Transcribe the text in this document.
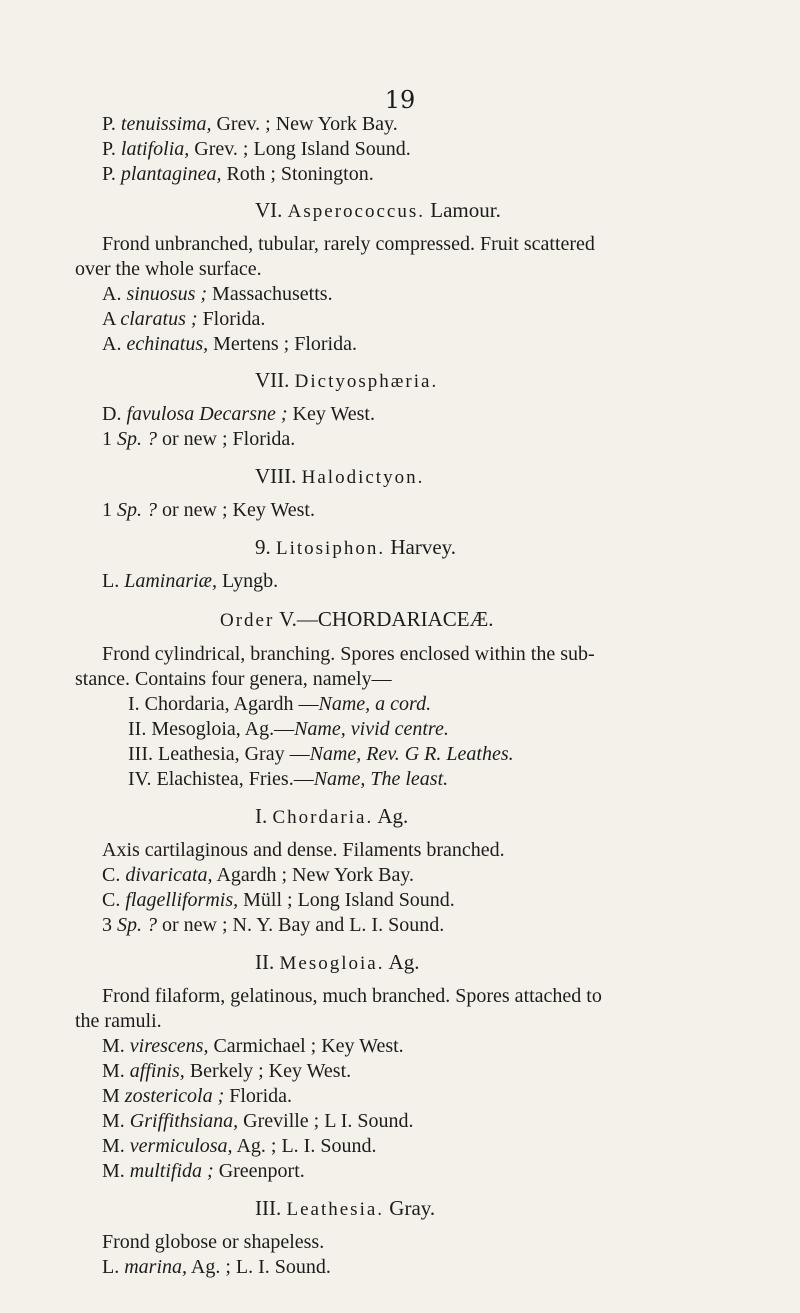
19
P. tenuissima, Grev. ; New York Bay.
P. latifolia, Grev. ; Long Island Sound.
P. plantaginea, Roth ; Stonington.
VI. Asperococcus. Lamour.
Frond unbranched, tubular, rarely compressed. Fruit scattered
over the whole surface.
A. sinuosus ; Massachusetts.
A claratus ; Florida.
A. echinatus, Mertens ; Florida.
VII. Dictyosphæria.
D. favulosa Decarsne ; Key West.
1 Sp. ? or new ; Florida.
VIII. Halodictyon.
1 Sp. ? or new ; Key West.
9. Litosiphon. Harvey.
L. Laminariæ, Lyngb.
Order V.—CHORDARIACEÆ.
Frond cylindrical, branching. Spores enclosed within the sub-
stance. Contains four genera, namely—
I. Chordaria, Agardh —Name, a cord.
II. Mesogloia, Ag.—Name, vivid centre.
III. Leathesia, Gray —Name, Rev. G R. Leathes.
IV. Elachistea, Fries.—Name, The least.
I. Chordaria. Ag.
Axis cartilaginous and dense. Filaments branched.
C. divaricata, Agardh ; New York Bay.
C. flagelliformis, Müll ; Long Island Sound.
3 Sp. ? or new ; N. Y. Bay and L. I. Sound.
II. Mesogloia. Ag.
Frond filaform, gelatinous, much branched. Spores attached to
the ramuli.
M. virescens, Carmichael ; Key West.
M. affinis, Berkely ; Key West.
M zostericola ; Florida.
M. Griffithsiana, Greville ; L I. Sound.
M. vermiculosa, Ag. ; L. I. Sound.
M. multifida ; Greenport.
III. Leathesia. Gray.
Frond globose or shapeless.
L. marina, Ag. ; L. I. Sound.
